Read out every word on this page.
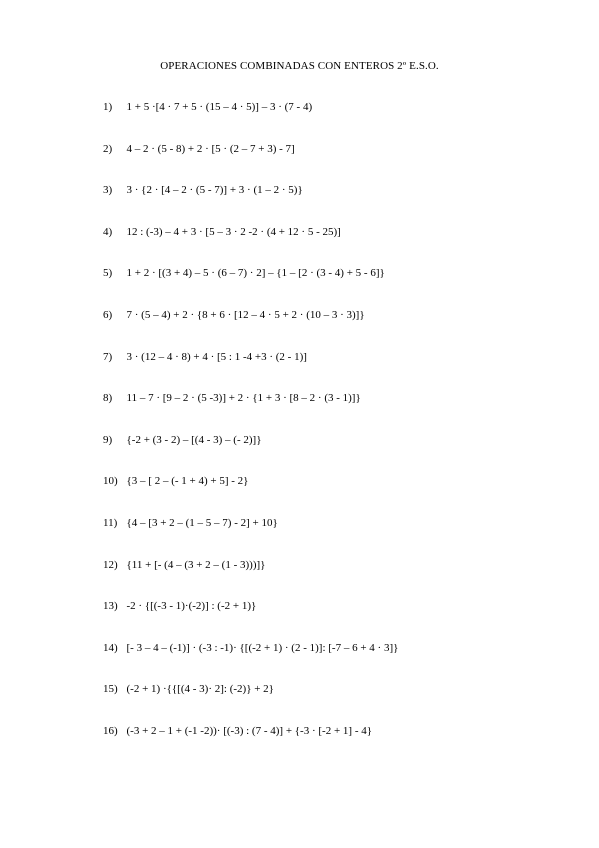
OPERACIONES COMBINADAS CON ENTEROS 2º E.S.O.
1) 1 + 5 ·[4 · 7 + 5 · (15 – 4 · 5)] – 3 · (7 - 4)
2) 4 – 2 · (5 - 8) + 2 · [5 · (2 – 7 + 3) - 7]
3) 3 · {2 · [4 – 2 · (5 - 7)] + 3 · (1 – 2 · 5)}
4) 12 : (-3) – 4 + 3 · [5 – 3 · 2 -2 · (4 + 12 · 5 - 25)]
5) 1 + 2 · [(3 + 4) – 5 · (6 – 7) · 2] – {1 – [2 · (3 - 4) + 5 - 6]}
6) 7 · (5 – 4) + 2 · {8 + 6 · [12 – 4 · 5 + 2 · (10 – 3 · 3)]}
7) 3 · (12 – 4 · 8) + 4 · [5 : 1 -4 +3 · (2 - 1)]
8) 11 – 7 · [9 – 2 · (5 -3)] + 2 · {1 + 3 · [8 – 2 · (3 - 1)]}
9) {-2 + (3 - 2) – [(4 - 3) – (- 2)]}
10) {3 – [ 2 – (- 1 + 4) + 5] - 2}
11) {4 – [3 + 2 – (1 – 5 – 7) - 2] + 10}
12) {11 + [- (4 – (3 + 2 – (1 - 3)))]}
13) -2 · {[(-3 - 1)·(-2)] : (-2 + 1)}
14) [- 3 – 4 – (-1)] · (-3 : -1)· {[(-2 + 1) · (2 - 1)]: [-7 – 6 + 4 · 3]}
15) (-2 + 1) ·{{[(4 - 3)· 2]: (-2)} + 2}
16) (-3 + 2 – 1 + (-1 -2))· [(-3) : (7 - 4)] + {-3 · [-2 + 1] - 4}
